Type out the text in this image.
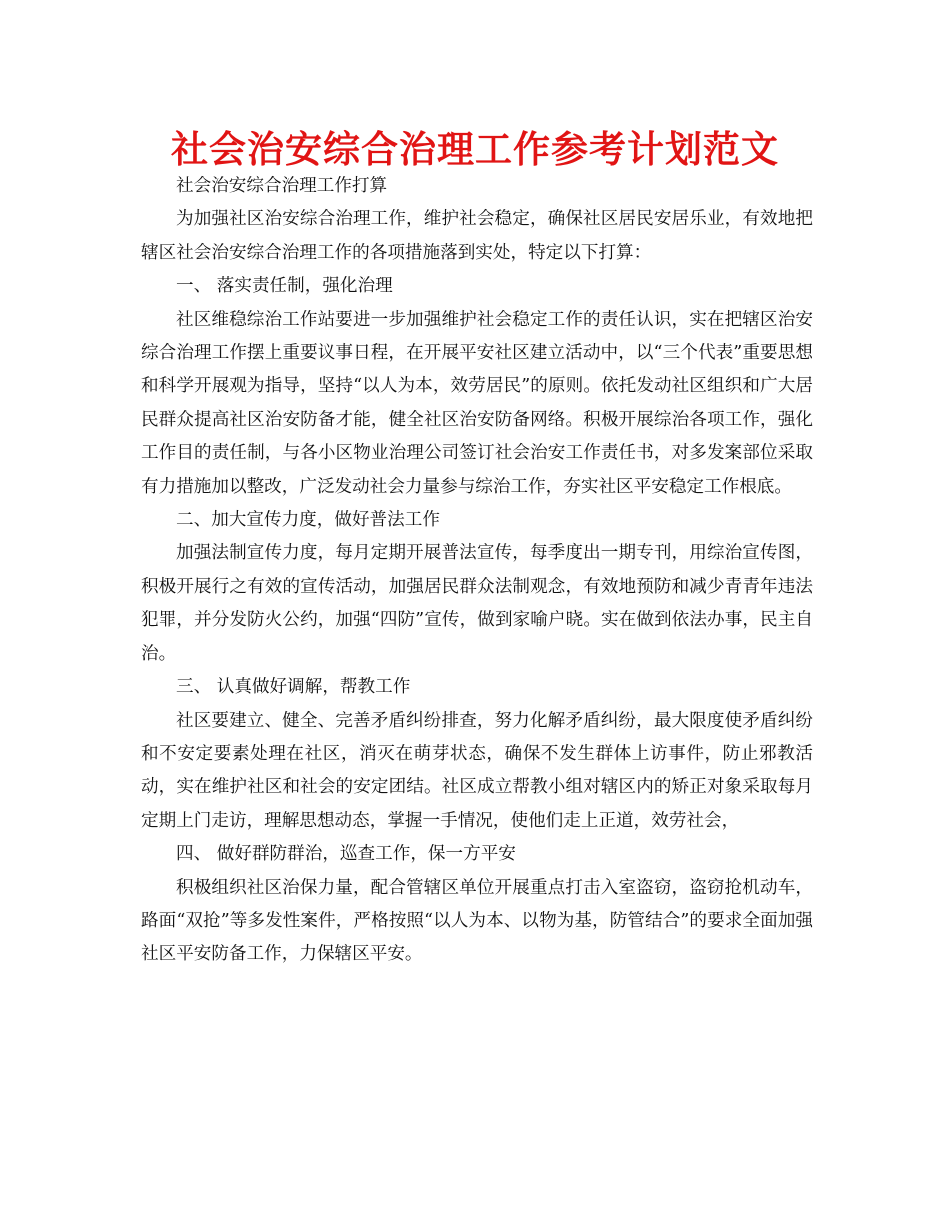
社会治安综合治理工作参考计划范文

社会治安综合治理工作打算

为加强社区治安综合治理工作，维护社会稳定，确保社区居民安居乐业，有效地把辖区社会治安综合治理工作的各项措施落到实处，特定以下打算：

一、 落实责任制，强化治理

社区维稳综治工作站要进一步加强维护社会稳定工作的责任认识，实在把辖区治安综合治理工作摆上重要议事日程，在开展平安社区建立活动中，以“三个代表”重要思想和科学开展观为指导，坚持“以人为本，效劳居民”的原则。依托发动社区组织和广大居民群众提高社区治安防备才能，健全社区治安防备网络。积极开展综治各项工作，强化工作目的责任制，与各小区物业治理公司签订社会治安工作责任书，对多发案部位采取有力措施加以整改，广泛发动社会力量参与综治工作，夯实社区平安稳定工作根底。

二、加大宣传力度，做好普法工作

加强法制宣传力度，每月定期开展普法宣传，每季度出一期专刊，用综治宣传图，积极开展行之有效的宣传活动，加强居民群众法制观念，有效地预防和减少青青年违法犯罪，并分发防火公约，加强“四防”宣传，做到家喻户晓。实在做到依法办事，民主自治。

三、 认真做好调解，帮教工作

社区要建立、健全、完善矛盾纠纷排查，努力化解矛盾纠纷，最大限度使矛盾纠纷和不安定要素处理在社区，消灭在萌芽状态，确保不发生群体上访事件，防止邪教活动，实在维护社区和社会的安定团结。社区成立帮教小组对辖区内的矫正对象采取每月定期上门走访，理解思想动态，掌握一手情况，使他们走上正道，效劳社会，

四、 做好群防群治，巡查工作，保一方平安

积极组织社区治保力量，配合管辖区单位开展重点打击入室盗窃，盗窃抢机动车，路面“双抢”等多发性案件，严格按照“以人为本、以物为基，防管结合”的要求全面加强社区平安防备工作，力保辖区平安。
